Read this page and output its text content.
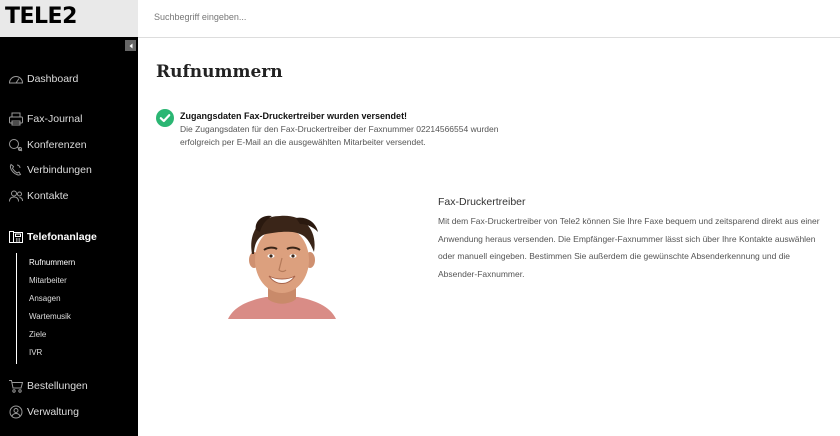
TELE2
Suchbegriff eingeben...
Dashboard
Fax-Journal
Konferenzen
Verbindungen
Kontakte
Telefonanlage
Bestellungen
Verwaltung
Rufnummern
Mitarbeiter
Ansagen
Wartemusik
Ziele
IVR
Rufnummern
Zugangsdaten Fax-Druckertreiber wurden versendet!
Die Zugangsdaten für den Fax-Druckertreiber der Faxnummer 02214566554 wurden erfolgreich per E-Mail an die ausgewählten Mitarbeiter versendet.
Fax-Druckertreiber
Mit dem Fax-Druckertreiber von Tele2 können Sie Ihre Faxe bequem und zeitsparend direkt aus einer Anwendung heraus versenden. Die Empfänger-Faxnummer lässt sich über Ihre Kontakte auswählen oder manuell eingeben. Bestimmen Sie außerdem die gewünschte Absenderkennung und die Absender-Faxnummer.
